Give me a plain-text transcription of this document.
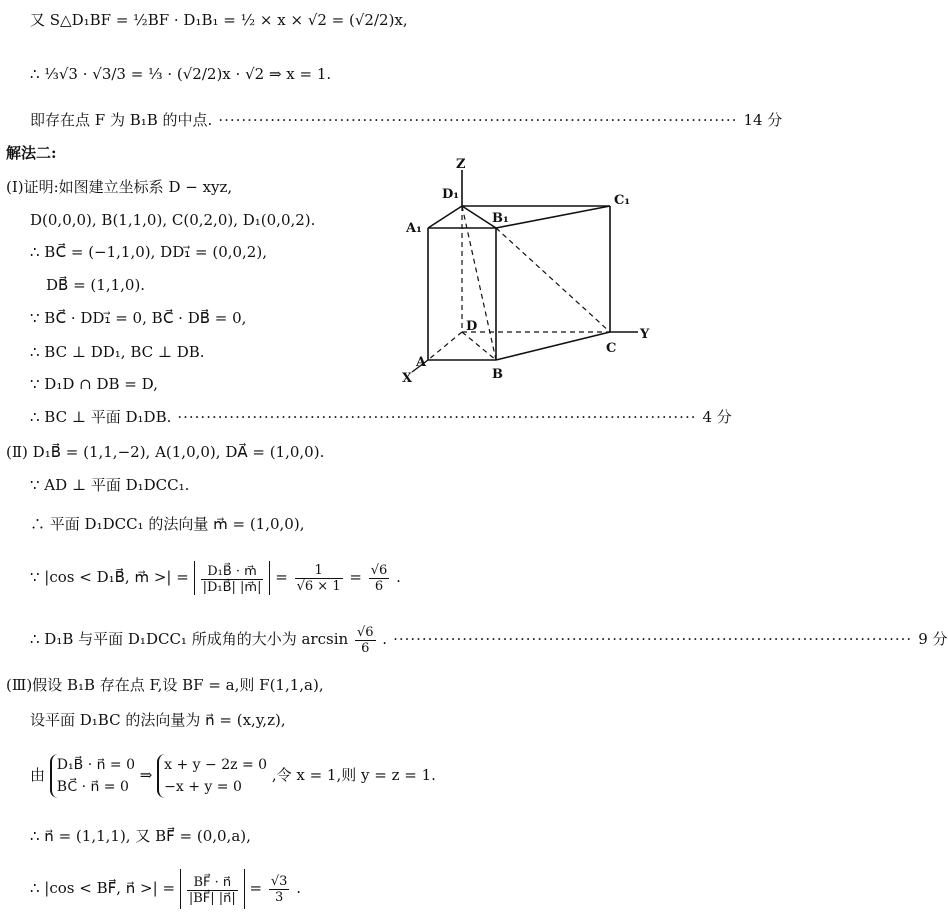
又 S△D₁BF = ½BF · D₁B₁ = ½ × x × √2 = (√2/2)x,
∴ ⅓√3 · √3/3 = ⅓ · (√2/2)x · √2 ⇒ x = 1.
即存在点 F 为 B₁B 的中点. ·························································································· 14 分
解法二:
(Ⅰ)证明:如图建立坐标系 D − xyz,
D(0,0,0), B(1,1,0), C(0,2,0), D₁(0,0,2).
∴ BC⃗ = (−1,1,0), DD₁⃗ = (0,0,2),
DB⃗ = (1,1,0).
∵ BC⃗ · DD₁⃗ = 0, BC⃗ · DB⃗ = 0,
∴ BC ⊥ DD₁, BC ⊥ DB.
∵ D₁D ∩ DB = D,
∴ BC ⊥ 平面 D₁DB. ·························································································· 4 分
(Ⅱ) D₁B⃗ = (1,1,−2), A(1,0,0), DA⃗ = (1,0,0).
∵ AD ⊥ 平面 D₁DCC₁.
∴ 平面 D₁DCC₁ 的法向量 m⃗ = (1,0,0),
∵ |cos < D₁B⃗, m⃗ >| = $\frac{\text{D₁B⃗ · m⃗}}{\text{|D₁B⃗| |m⃗|}} = \frac{1}{√6 \times 1} = \frac{√6}{6}$ .
∴ D₁B 与平面 D₁DCC₁ 所成角的大小为 $\arcsin \frac{√6}{6}$ . ·························································································· 9 分
(Ⅲ)假设 B₁B 存在点 F,设 BF = a,则 F(1,1,a),
设平面 D₁BC 的法向量为 n⃗ = (x,y,z),
由
D₁B⃗ · n⃗ = 0
BC⃗ · n⃗ = 0
⇒
x + y − 2z = 0
−x + y = 0
,令 x = 1,则 y = z = 1.
∴ n⃗ = (1,1,1), 又 BF⃗ = (0,0,a),
∴ |cos < BF⃗, n⃗ >| = $\frac{BF⃗ \cdot n⃗}{|BF⃗| |n⃗|} = \frac{√3}{3}$ .
Z
D₁
B₁
C₁
A₁
D
Y
C
A
X	B
